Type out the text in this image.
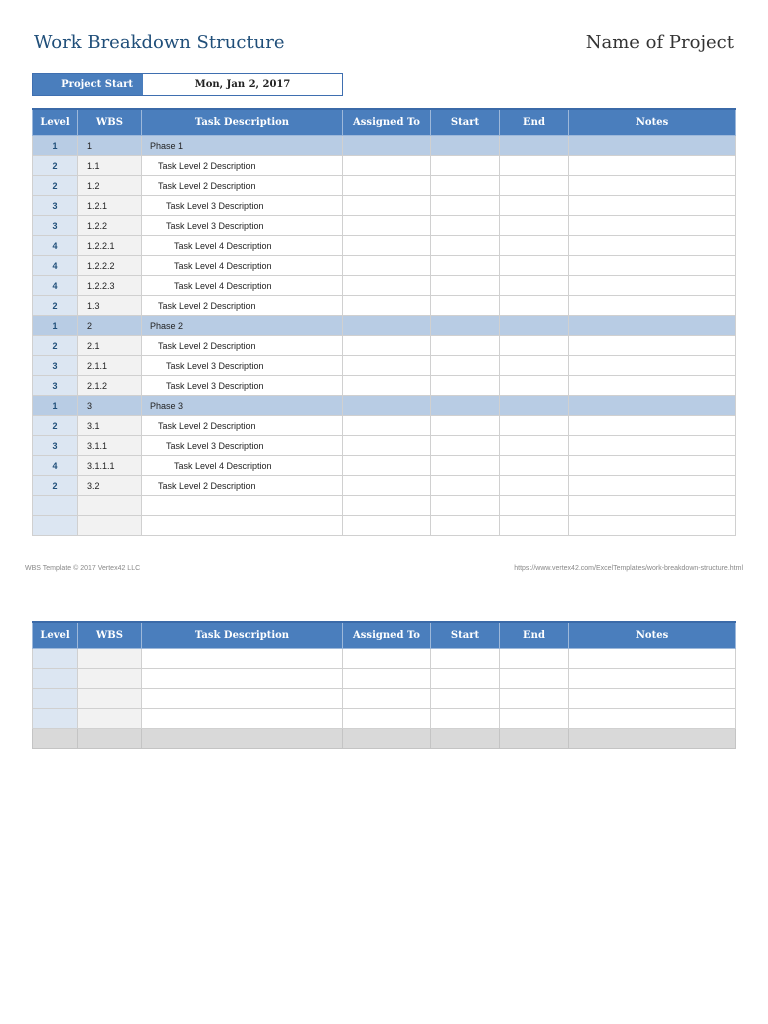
Work Breakdown Structure	Name of Project
Project Start	Mon, Jan 2, 2017
Level	WBS	Task Description	Assigned To	Start	End	Notes
1	1	Phase 1				
2	1.1	Task Level 2 Description				
2	1.2	Task Level 2 Description				
3	1.2.1	Task Level 3 Description				
3	1.2.2	Task Level 3 Description				
4	1.2.2.1	Task Level 4 Description				
4	1.2.2.2	Task Level 4 Description				
4	1.2.2.3	Task Level 4 Description				
2	1.3	Task Level 2 Description				
1	2	Phase 2				
2	2.1	Task Level 2 Description				
3	2.1.1	Task Level 3 Description				
3	2.1.2	Task Level 3 Description				
1	3	Phase 3				
2	3.1	Task Level 2 Description				
3	3.1.1	Task Level 3 Description				
4	3.1.1.1	Task Level 4 Description				
2	3.2	Task Level 2 Description				

WBS Template © 2017 Vertex42 LLC	https://www.vertex42.com/ExcelTemplates/work-breakdown-structure.html
Level	WBS	Task Description	Assigned To	Start	End	Notes
